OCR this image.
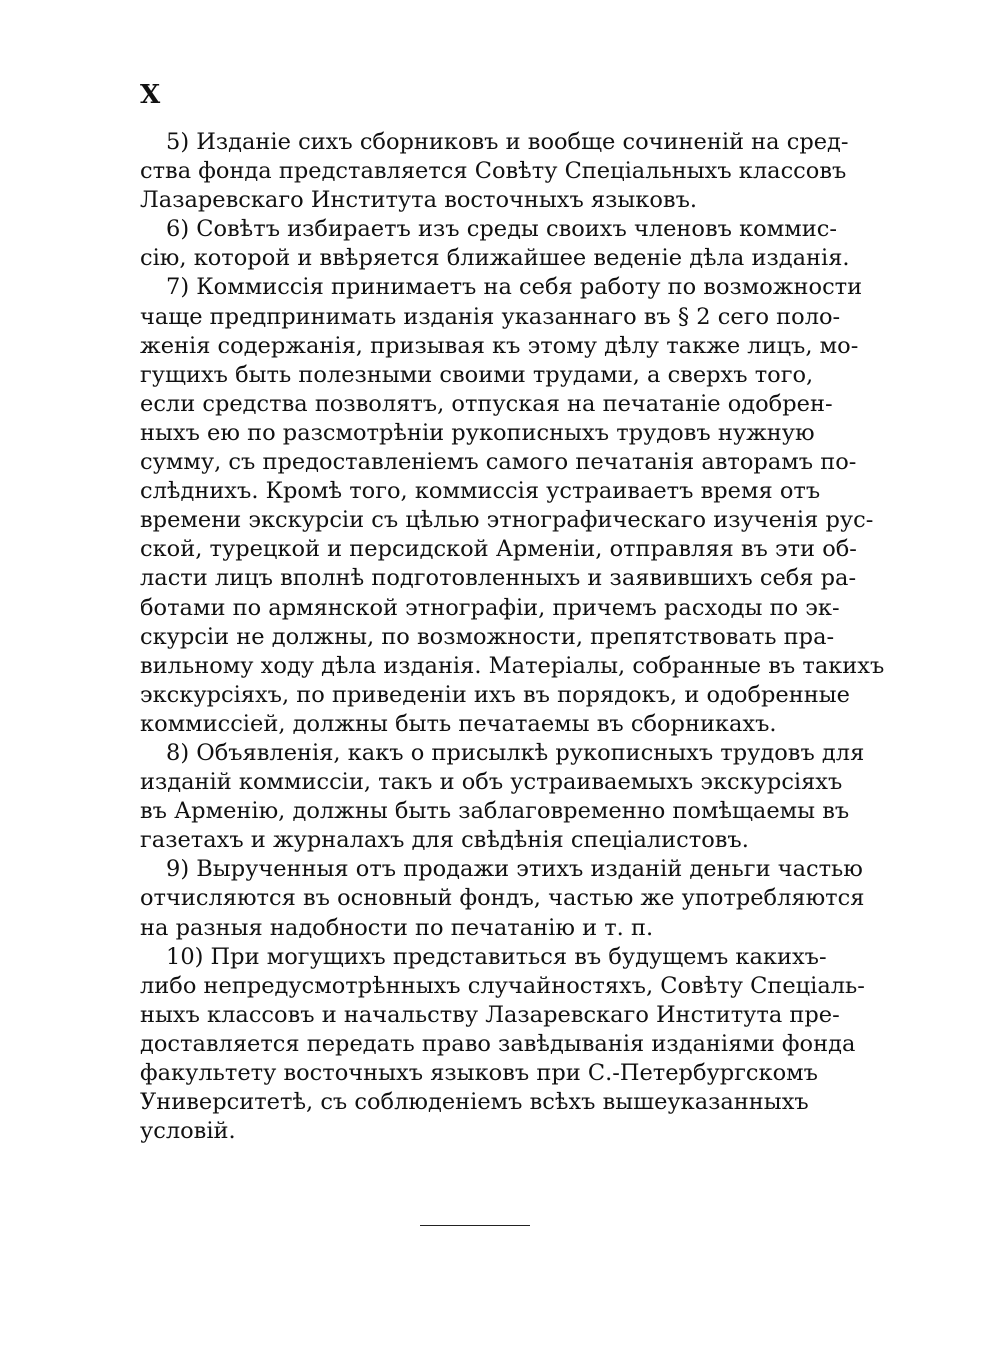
X
5) Изданіе сихъ сборниковъ и вообще сочиненій на сред-
ства фонда представляется Совѣту Спеціальныхъ классовъ
Лазаревскаго Института восточныхъ языковъ.
6) Совѣтъ избираетъ изъ среды своихъ членовъ коммис-
сію, которой и ввѣряется ближайшее веденіе дѣла изданія.
7) Коммиссія принимаетъ на себя работу по возможности
чаще предпринимать изданія указаннаго въ § 2 сего поло-
женія содержанія, призывая къ этому дѣлу также лицъ, мо-
гущихъ быть полезными своими трудами, а сверхъ того,
если средства позволятъ, отпуская на печатаніе одобрен-
ныхъ ею по разсмотрѣніи рукописныхъ трудовъ нужную
сумму, съ предоставленіемъ самого печатанія авторамъ по-
слѣднихъ. Кромѣ того, коммиссія устраиваетъ время отъ
времени экскурсіи съ цѣлью этнографическаго изученія рус-
ской, турецкой и персидской Арменіи, отправляя въ эти об-
ласти лицъ вполнѣ подготовленныхъ и заявившихъ себя ра-
ботами по армянской этнографіи, причемъ расходы по эк-
скурсіи не должны, по возможности, препятствовать пра-
вильному ходу дѣла изданія. Матеріалы, собранные въ такихъ
экскурсіяхъ, по приведеніи ихъ въ порядокъ, и одобренные
коммиссіей, должны быть печатаемы въ сборникахъ.
8) Объявленія, какъ о присылкѣ рукописныхъ трудовъ для
изданій коммиссіи, такъ и объ устраиваемыхъ экскурсіяхъ
въ Арменію, должны быть заблаговременно помѣщаемы въ
газетахъ и журналахъ для свѣдѣнія спеціалистовъ.
9) Вырученныя отъ продажи этихъ изданій деньги частью
отчисляются въ основный фондъ, частью же употребляются
на разныя надобности по печатанію и т. п.
10) При могущихъ представиться въ будущемъ какихъ-
либо непредусмотрѣнныхъ случайностяхъ, Совѣту Спеціаль-
ныхъ классовъ и начальству Лазаревскаго Института пре-
доставляется передать право завѣдыванія изданіями фонда
факультету восточныхъ языковъ при С.-Петербургскомъ
Университетѣ, съ соблюденіемъ всѣхъ вышеуказанныхъ
условій.
